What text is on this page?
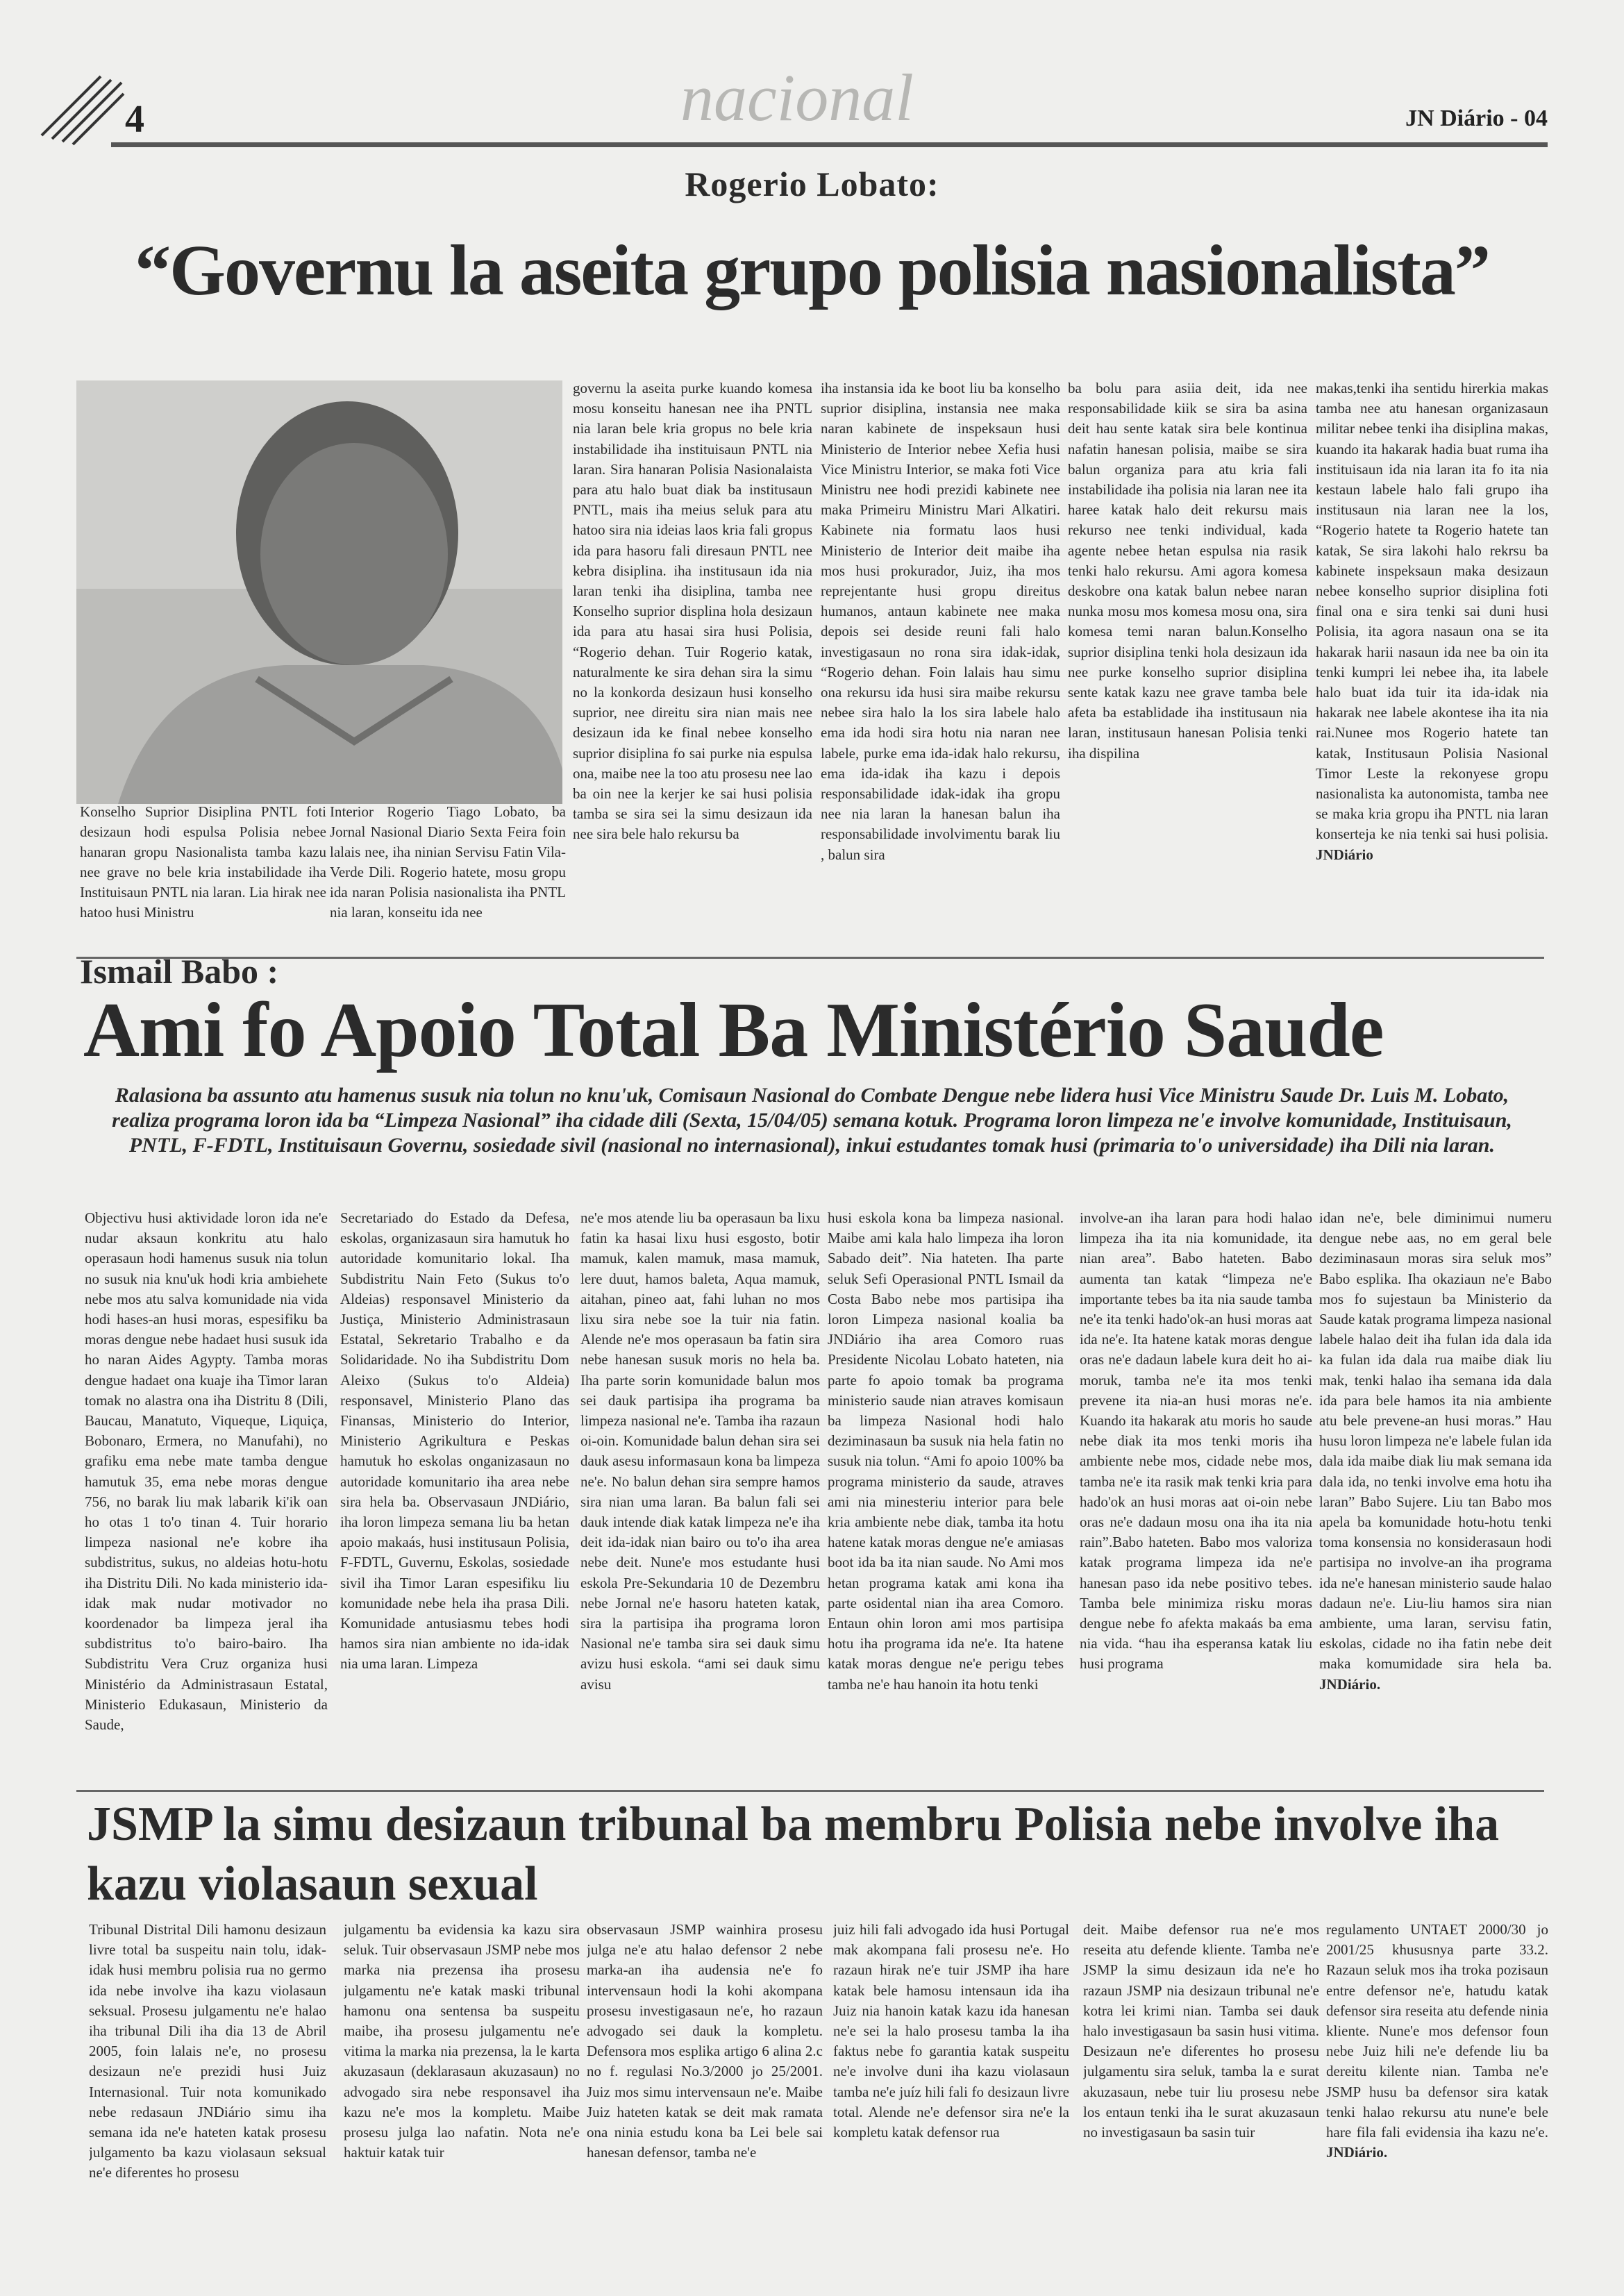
4	nacional	JN Diário - 04
Rogerio Lobato:
“Governu la aseita grupo polisia nasionalista”
Konselho Suprior Disiplina PNTL foti desizaun hodi espulsa Polisia nebee hanaran gropu Nasionalista tamba kazu nee grave no bele kria instabilidade iha Instituisaun PNTL nia laran. Lia hirak nee hatoo husi Ministru
Interior Rogerio Tiago Lobato, ba Jornal Nasional Diario Sexta Feira foin lalais nee, iha ninian Servisu Fatin Vila-Verde Dili. Rogerio hatete, mosu gropu ida naran Polisia nasionalista iha PNTL nia laran, konseitu ida nee
governu la aseita purke kuando komesa mosu konseitu hanesan nee iha PNTL nia laran bele kria gropus no bele kria instabilidade iha instituisaun PNTL nia laran. Sira hanaran Polisia Nasionalaista para atu halo buat diak ba institusaun PNTL, mais iha meius seluk para atu hatoo sira nia ideias laos kria fali gropus ida para hasoru fali diresaun PNTL nee kebra disiplina. iha institusaun ida nia laran tenki iha disiplina, tamba nee Konselho suprior displina hola desizaun ida para atu hasai sira husi Polisia, “Rogerio dehan. Tuir Rogerio katak, naturalmente ke sira dehan sira la simu no la konkorda desizaun husi konselho suprior, nee direitu sira nian mais nee desizaun ida ke final nebee konselho suprior disiplina fo sai purke nia espulsa ona, maibe nee la too atu prosesu nee lao ba oin nee la kerjer ke sai husi polisia tamba se sira sei la simu desizaun ida nee sira bele halo rekursu ba
iha instansia ida ke boot liu ba konselho suprior disiplina, instansia nee maka naran kabinete de inspeksaun husi Ministerio de Interior nebee Xefia husi Vice Ministru Interior, se maka foti Vice Ministru nee hodi prezidi kabinete nee maka Primeiru Ministru Mari Alkatiri. Kabinete nia formatu laos husi Ministerio de Interior deit maibe iha mos husi prokurador, Juiz, iha mos reprejentante husi gropu direitus humanos, antaun kabinete nee maka depois sei deside reuni fali halo investigasaun no rona sira idak-idak, “Rogerio dehan. Foin lalais hau simu ona rekursu ida husi sira maibe rekursu nebee sira halo la los sira labele halo ema ida hodi sira hotu nia naran nee labele, purke ema ida-idak halo rekursu, ema ida-idak iha kazu i depois responsabilidade idak-idak iha gropu nee nia laran la hanesan balun iha responsabilidade involvimentu barak liu , balun sira
ba bolu para asiia deit, ida nee responsabilidade kiik se sira ba asina deit hau sente katak sira bele kontinua nafatin hanesan polisia, maibe se sira balun organiza para atu kria fali instabilidade iha polisia nia laran nee ita haree katak halo deit rekursu mais rekurso nee tenki individual, kada agente nebee hetan espulsa nia rasik tenki halo rekursu. Ami agora komesa deskobre ona katak balun nebee naran nunka mosu mos komesa mosu ona, sira komesa temi naran balun.Konselho suprior disiplina tenki hola desizaun ida nee purke konselho suprior disiplina sente katak kazu nee grave tamba bele afeta ba establidade iha institusaun nia laran, institusaun hanesan Polisia tenki iha dispilina
makas,tenki iha sentidu hirerkia makas tamba nee atu hanesan organizasaun militar nebee tenki iha disiplina makas, kuando ita hakarak hadia buat ruma iha instituisaun ida nia laran ita fo ita nia kestaun labele halo fali grupo iha institusaun nia laran nee la los, “Rogerio hatete ta Rogerio hatete tan katak, Se sira lakohi halo rekrsu ba kabinete inspeksaun maka desizaun nebee konselho suprior disiplina foti final ona e sira tenki sai duni husi Polisia, ita agora nasaun ona se ita hakarak harii nasaun ida nee ba oin ita tenki kumpri lei nebee iha, ita labele halo buat ida tuir ita ida-idak nia hakarak nee labele akontese iha ita nia rai.Nunee mos Rogerio hatete tan katak, Institusaun Polisia Nasional Timor Leste la rekonyese gropu nasionalista ka autonomista, tamba nee se maka kria gropu iha PNTL nia laran konserteja ke nia tenki sai husi polisia. JNDiário
Ismail Babo :
Ami fo Apoio Total Ba Ministério Saude
Ralasiona ba assunto atu hamenus susuk nia tolun no knu'uk, Comisaun Nasional do Combate Dengue nebe lidera husi Vice Ministru Saude Dr. Luis M. Lobato, realiza programa loron ida ba “Limpeza Nasional” iha cidade dili (Sexta, 15/04/05) semana kotuk. Programa loron limpeza ne'e involve komunidade, Instituisaun, PNTL, F-FDTL, Instituisaun Governu, sosiedade sivil (nasional no internasional), inkui estudantes tomak husi (primaria to'o universidade) iha Dili nia laran.
Objectivu husi aktividade loron ida ne'e nudar aksaun konkritu atu halo operasaun hodi hamenus susuk nia tolun no susuk nia knu'uk hodi kria ambiehete nebe mos atu salva komunidade nia vida hodi hases-an husi moras, espesifiku ba moras dengue nebe hadaet husi susuk ida ho naran Aides Agypty. Tamba moras dengue hadaet ona kuaje iha Timor laran tomak no alastra ona iha Distritu 8 (Dili, Baucau, Manatuto, Viqueque, Liquiça, Bobonaro, Ermera, no Manufahi), no grafiku ema nebe mate tamba dengue hamutuk 35, ema nebe moras dengue 756, no barak liu mak labarik ki'ik oan ho otas 1 to'o tinan 4. Tuir horario limpeza nasional ne'e kobre iha subdistritus, sukus, no aldeias hotu-hotu iha Distritu Dili. No kada ministerio ida-idak mak nudar motivador no koordenador ba limpeza jeral iha subdistritus to'o bairo-bairo. Iha Subdistritu Vera Cruz organiza husi Ministério da Administrasaun Estatal, Ministerio Edukasaun, Ministerio da Saude,
Secretariado do Estado da Defesa, eskolas, organizasaun sira hamutuk ho autoridade komunitario lokal. Iha Subdistritu Nain Feto (Sukus to'o Aldeias) responsavel Ministerio da Justiça, Ministerio Administrasaun Estatal, Sekretario Trabalho e da Solidaridade. No iha Subdistritu Dom Aleixo (Sukus to'o Aldeia) responsavel, Ministerio Plano das Finansas, Ministerio do Interior, Ministerio Agrikultura e Peskas hamutuk ho eskolas onganizasaun no autoridade komunitario iha area nebe sira hela ba. Observasaun JNDiário, iha loron limpeza semana liu ba hetan apoio makaás, husi institusaun Polisia, F-FDTL, Guvernu, Eskolas, sosiedade sivil iha Timor Laran espesifiku liu komunidade nebe hela iha prasa Dili. Komunidade antusiasmu tebes hodi hamos sira nian ambiente no ida-idak nia uma laran. Limpeza
ne'e mos atende liu ba operasaun ba lixu fatin ka hasai lixu husi esgosto, botir mamuk, kalen mamuk, masa mamuk, lere duut, hamos baleta, Aqua mamuk, aitahan, pineo aat, fahi luhan no mos lixu sira nebe soe la tuir nia fatin. Alende ne'e mos operasaun ba fatin sira nebe hanesan susuk moris no hela ba. Iha parte sorin komunidade balun mos sei dauk partisipa iha programa ba limpeza nasional ne'e. Tamba iha razaun oi-oin. Komunidade balun dehan sira sei dauk asesu informasaun kona ba limpeza ne'e. No balun dehan sira sempre hamos sira nian uma laran. Ba balun fali sei dauk intende diak katak limpeza ne'e iha deit ida-idak nian bairo ou to'o iha area nebe deit. Nune'e mos estudante husi eskola Pre-Sekundaria 10 de Dezembru nebe Jornal ne'e hasoru hateten katak, sira la partisipa iha programa loron Nasional ne'e tamba sira sei dauk simu avizu husi eskola. “ami sei dauk simu avisu
husi eskola kona ba limpeza nasional. Maibe ami kala halo limpeza iha loron Sabado deit”. Nia hateten. Iha parte seluk Sefi Operasional PNTL Ismail da Costa Babo nebe mos partisipa iha loron Limpeza nasional koalia ba JNDiário iha area Comoro ruas Presidente Nicolau Lobato hateten, nia parte fo apoio tomak ba programa ministerio saude nian atraves komisaun ba limpeza Nasional hodi halo deziminasaun ba susuk nia hela fatin no susuk nia tolun. “Ami fo apoio 100% ba programa ministerio da saude, atraves ami nia minesteriu interior para bele kria ambiente nebe diak, tamba ita hotu hatene katak moras dengue ne'e amiasas boot ida ba ita nian saude. No Ami mos hetan programa katak ami kona iha parte osidental nian iha area Comoro. Entaun ohin loron ami mos partisipa hotu iha programa ida ne'e. Ita hatene katak moras dengue ne'e perigu tebes tamba ne'e hau hanoin ita hotu tenki
involve-an iha laran para hodi halao limpeza iha ita nia komunidade, ita nian area”. Babo hateten. Babo aumenta tan katak “limpeza ne'e importante tebes ba ita nia saude tamba ne'e ita tenki hado'ok-an husi moras aat ida ne'e. Ita hatene katak moras dengue oras ne'e dadaun labele kura deit ho ai-moruk, tamba ne'e ita mos tenki prevene ita nia-an husi moras ne'e. Kuando ita hakarak atu moris ho saude nebe diak ita mos tenki moris iha ambiente nebe mos, cidade nebe mos, tamba ne'e ita rasik mak tenki kria para hado'ok an husi moras aat oi-oin nebe oras ne'e dadaun mosu ona iha ita nia rain”.Babo hateten. Babo mos valoriza katak programa limpeza ida ne'e hanesan paso ida nebe positivo tebes. Tamba bele minimiza risku moras dengue nebe fo afekta makaás ba ema nia vida. “hau iha esperansa katak liu husi programa
idan ne'e, bele diminimui numeru dengue nebe aas, no em geral bele deziminasaun moras sira seluk mos” Babo esplika. Iha okaziaun ne'e Babo mos fo sujestaun ba Ministerio da Saude katak programa limpeza nasional labele halao deit iha fulan ida dala ida ka fulan ida dala rua maibe diak liu mak, tenki halao iha semana ida dala ida para bele hamos ita nia ambiente atu bele prevene-an husi moras.” Hau husu loron limpeza ne'e labele fulan ida dala ida maibe diak liu mak semana ida dala ida, no tenki involve ema hotu iha laran” Babo Sujere. Liu tan Babo mos apela ba komunidade hotu-hotu tenki toma konsensia no konsiderasaun hodi partisipa no involve-an iha programa ida ne'e hanesan ministerio saude halao dadaun ne'e. Liu-liu hamos sira nian ambiente, uma laran, servisu fatin, eskolas, cidade no iha fatin nebe deit maka komumidade sira hela ba. JNDiário.
JSMP la simu desizaun tribunal ba membru Polisia nebe involve iha kazu violasaun sexual
Tribunal Distrital Dili hamonu desizaun livre total ba suspeitu nain tolu, idak-idak husi membru polisia rua no germo ida nebe involve iha kazu violasaun seksual. Prosesu julgamentu ne'e halao iha tribunal Dili iha dia 13 de Abril 2005, foin lalais ne'e, no prosesu desizaun ne'e prezidi husi Juiz Internasional. Tuir nota komunikado nebe redasaun JNDiário simu iha semana ida ne'e hateten katak prosesu julgamento ba kazu violasaun seksual ne'e diferentes ho prosesu
julgamentu ba evidensia ka kazu sira seluk. Tuir observasaun JSMP nebe mos marka nia prezensa iha prosesu julgamentu ne'e katak maski tribunal hamonu ona sentensa ba suspeitu maibe, iha prosesu julgamentu ne'e vitima la marka nia prezensa, la le karta akuzasaun (deklarasaun akuzasaun) no advogado sira nebe responsavel iha kazu ne'e mos la kompletu. Maibe prosesu julga lao nafatin. Nota ne'e haktuir katak tuir
observasaun JSMP wainhira prosesu julga ne'e atu halao defensor 2 nebe marka-an iha audensia ne'e fo intervensaun hodi la kohi akompana prosesu investigasaun ne'e, ho razaun advogado sei dauk la kompletu. Defensora mos esplika artigo 6 alina 2.c no f. regulasi No.3/2000 jo 25/2001. Juiz mos simu intervensaun ne'e. Maibe Juiz hateten katak se deit mak ramata ona ninia estudu kona ba Lei bele sai hanesan defensor, tamba ne'e
juiz hili fali advogado ida husi Portugal mak akompana fali prosesu ne'e. Ho razaun hirak ne'e tuir JSMP iha hare katak bele hamosu intensaun ida iha Juiz nia hanoin katak kazu ida hanesan ne'e sei la halo prosesu tamba la iha faktus nebe fo garantia katak suspeitu ne'e involve duni iha kazu violasaun tamba ne'e juíz hili fali fo desizaun livre total. Alende ne'e defensor sira ne'e la kompletu katak defensor rua
deit. Maibe defensor rua ne'e mos reseita atu defende kliente. Tamba ne'e JSMP la simu desizaun ida ne'e ho razaun JSMP nia desizaun tribunal ne'e kotra lei krimi nian. Tamba sei dauk halo investigasaun ba sasin husi vitima. Desizaun ne'e diferentes ho prosesu julgamentu sira seluk, tamba la e surat akuzasaun, nebe tuir liu prosesu nebe los entaun tenki iha le surat akuzasaun no investigasaun ba sasin tuir
regulamento UNTAET 2000/30 jo 2001/25 khususnya parte 33.2. Razaun seluk mos iha troka pozisaun entre defensor ne'e, hatudu katak defensor sira reseita atu defende ninia kliente. Nune'e mos defensor foun nebe Juiz hili ne'e defende liu ba dereitu kilente nian. Tamba ne'e JSMP husu ba defensor sira katak tenki halao rekursu atu nune'e bele hare fila fali evidensia iha kazu ne'e. JNDiário.
